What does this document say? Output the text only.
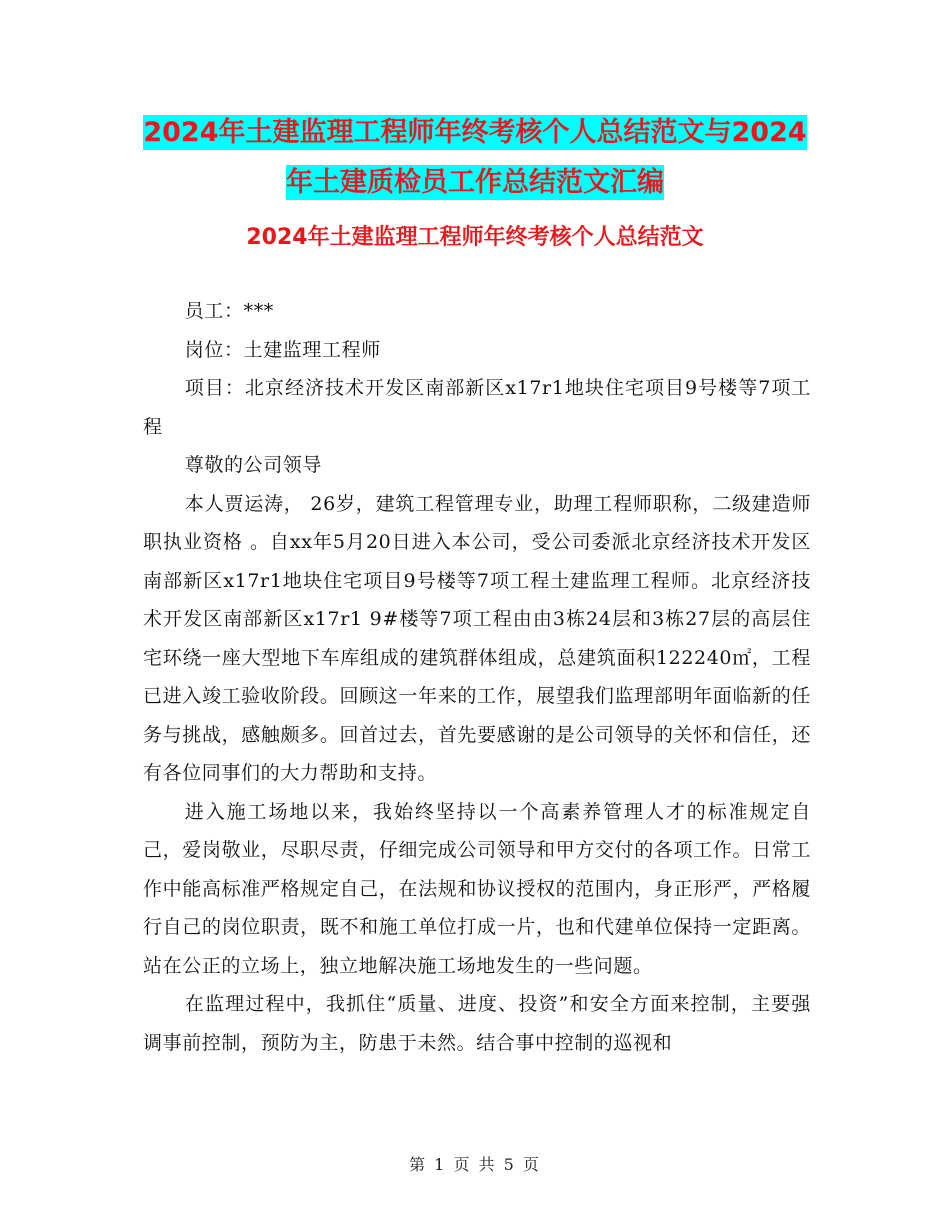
2024年土建监理工程师年终考核个人总结范文与2024
年土建质检员工作总结范文汇编
2024年土建监理工程师年终考核个人总结范文

员工：***

岗位：土建监理工程师

项目：北京经济技术开发区南部新区x17r1地块住宅项目9号楼等7项工程

尊敬的公司领导

本人贾运涛， 26岁，建筑工程管理专业，助理工程师职称，二级建造师职执业资格 。自xx年5月20日进入本公司，受公司委派北京经济技术开发区南部新区x17r1地块住宅项目9号楼等7项工程土建监理工程师。北京经济技术开发区南部新区x17r1 9#楼等7项工程由由3栋24层和3栋27层的高层住宅环绕一座大型地下车库组成的建筑群体组成，总建筑面积122240㎡，工程已进入竣工验收阶段。回顾这一年来的工作，展望我们监理部明年面临新的任务与挑战，感触颇多。回首过去，首先要感谢的是公司领导的关怀和信任，还有各位同事们的大力帮助和支持。

进入施工场地以来，我始终坚持以一个高素养管理人才的标准规定自己，爱岗敬业，尽职尽责，仔细完成公司领导和甲方交付的各项工作。日常工作中能高标准严格规定自己，在法规和协议授权的范围内，身正形严，严格履行自己的岗位职责，既不和施工单位打成一片，也和代建单位保持一定距离。站在公正的立场上，独立地解决施工场地发生的一些问题。

在监理过程中，我抓住“质量、进度、投资”和安全方面来控制，主要强调事前控制，预防为主，防患于未然。结合事中控制的巡视和

第 1 页 共 5 页
